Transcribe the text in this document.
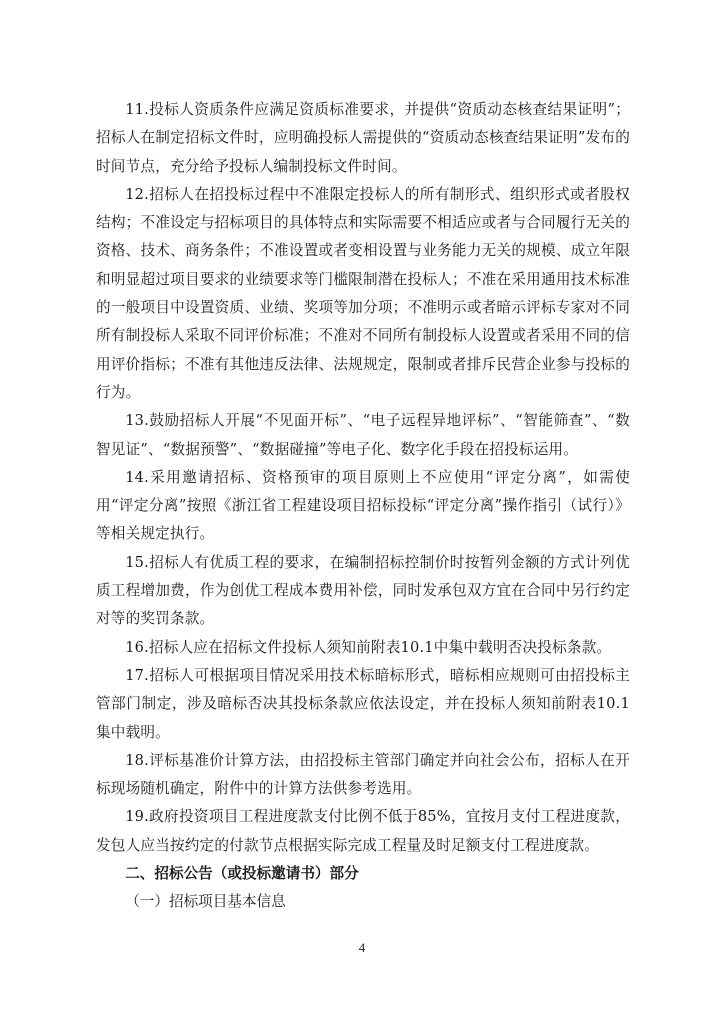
11.投标人资质条件应满足资质标准要求，并提供“资质动态核查结果证明”；招标人在制定招标文件时，应明确投标人需提供的“资质动态核查结果证明”发布的时间节点，充分给予投标人编制投标文件时间。

12.招标人在招投标过程中不准限定投标人的所有制形式、组织形式或者股权结构；不准设定与招标项目的具体特点和实际需要不相适应或者与合同履行无关的资格、技术、商务条件；不准设置或者变相设置与业务能力无关的规模、成立年限和明显超过项目要求的业绩要求等门槛限制潜在投标人；不准在采用通用技术标准的一般项目中设置资质、业绩、奖项等加分项；不准明示或者暗示评标专家对不同所有制投标人采取不同评价标准；不准对不同所有制投标人设置或者采用不同的信用评价指标；不准有其他违反法律、法规规定，限制或者排斥民营企业参与投标的行为。

13.鼓励招标人开展“不见面开标”、“电子远程异地评标”、“智能筛查”、“数智见证”、“数据预警”、“数据碰撞”等电子化、数字化手段在招投标运用。

14.采用邀请招标、资格预审的项目原则上不应使用“评定分离”，如需使用“评定分离”按照《浙江省工程建设项目招标投标“评定分离”操作指引（试行）》等相关规定执行。

15.招标人有优质工程的要求，在编制招标控制价时按暂列金额的方式计列优质工程增加费，作为创优工程成本费用补偿，同时发承包双方宜在合同中另行约定对等的奖罚条款。

16.招标人应在招标文件投标人须知前附表10.1中集中载明否决投标条款。

17.招标人可根据项目情况采用技术标暗标形式，暗标相应规则可由招投标主管部门制定，涉及暗标否决其投标条款应依法设定，并在投标人须知前附表10.1集中载明。

18.评标基准价计算方法，由招投标主管部门确定并向社会公布，招标人在开标现场随机确定，附件中的计算方法供参考选用。

19.政府投资项目工程进度款支付比例不低于85%，宜按月支付工程进度款，发包人应当按约定的付款节点根据实际完成工程量及时足额支付工程进度款。

二、招标公告（或投标邀请书）部分

（一）招标项目基本信息

4
